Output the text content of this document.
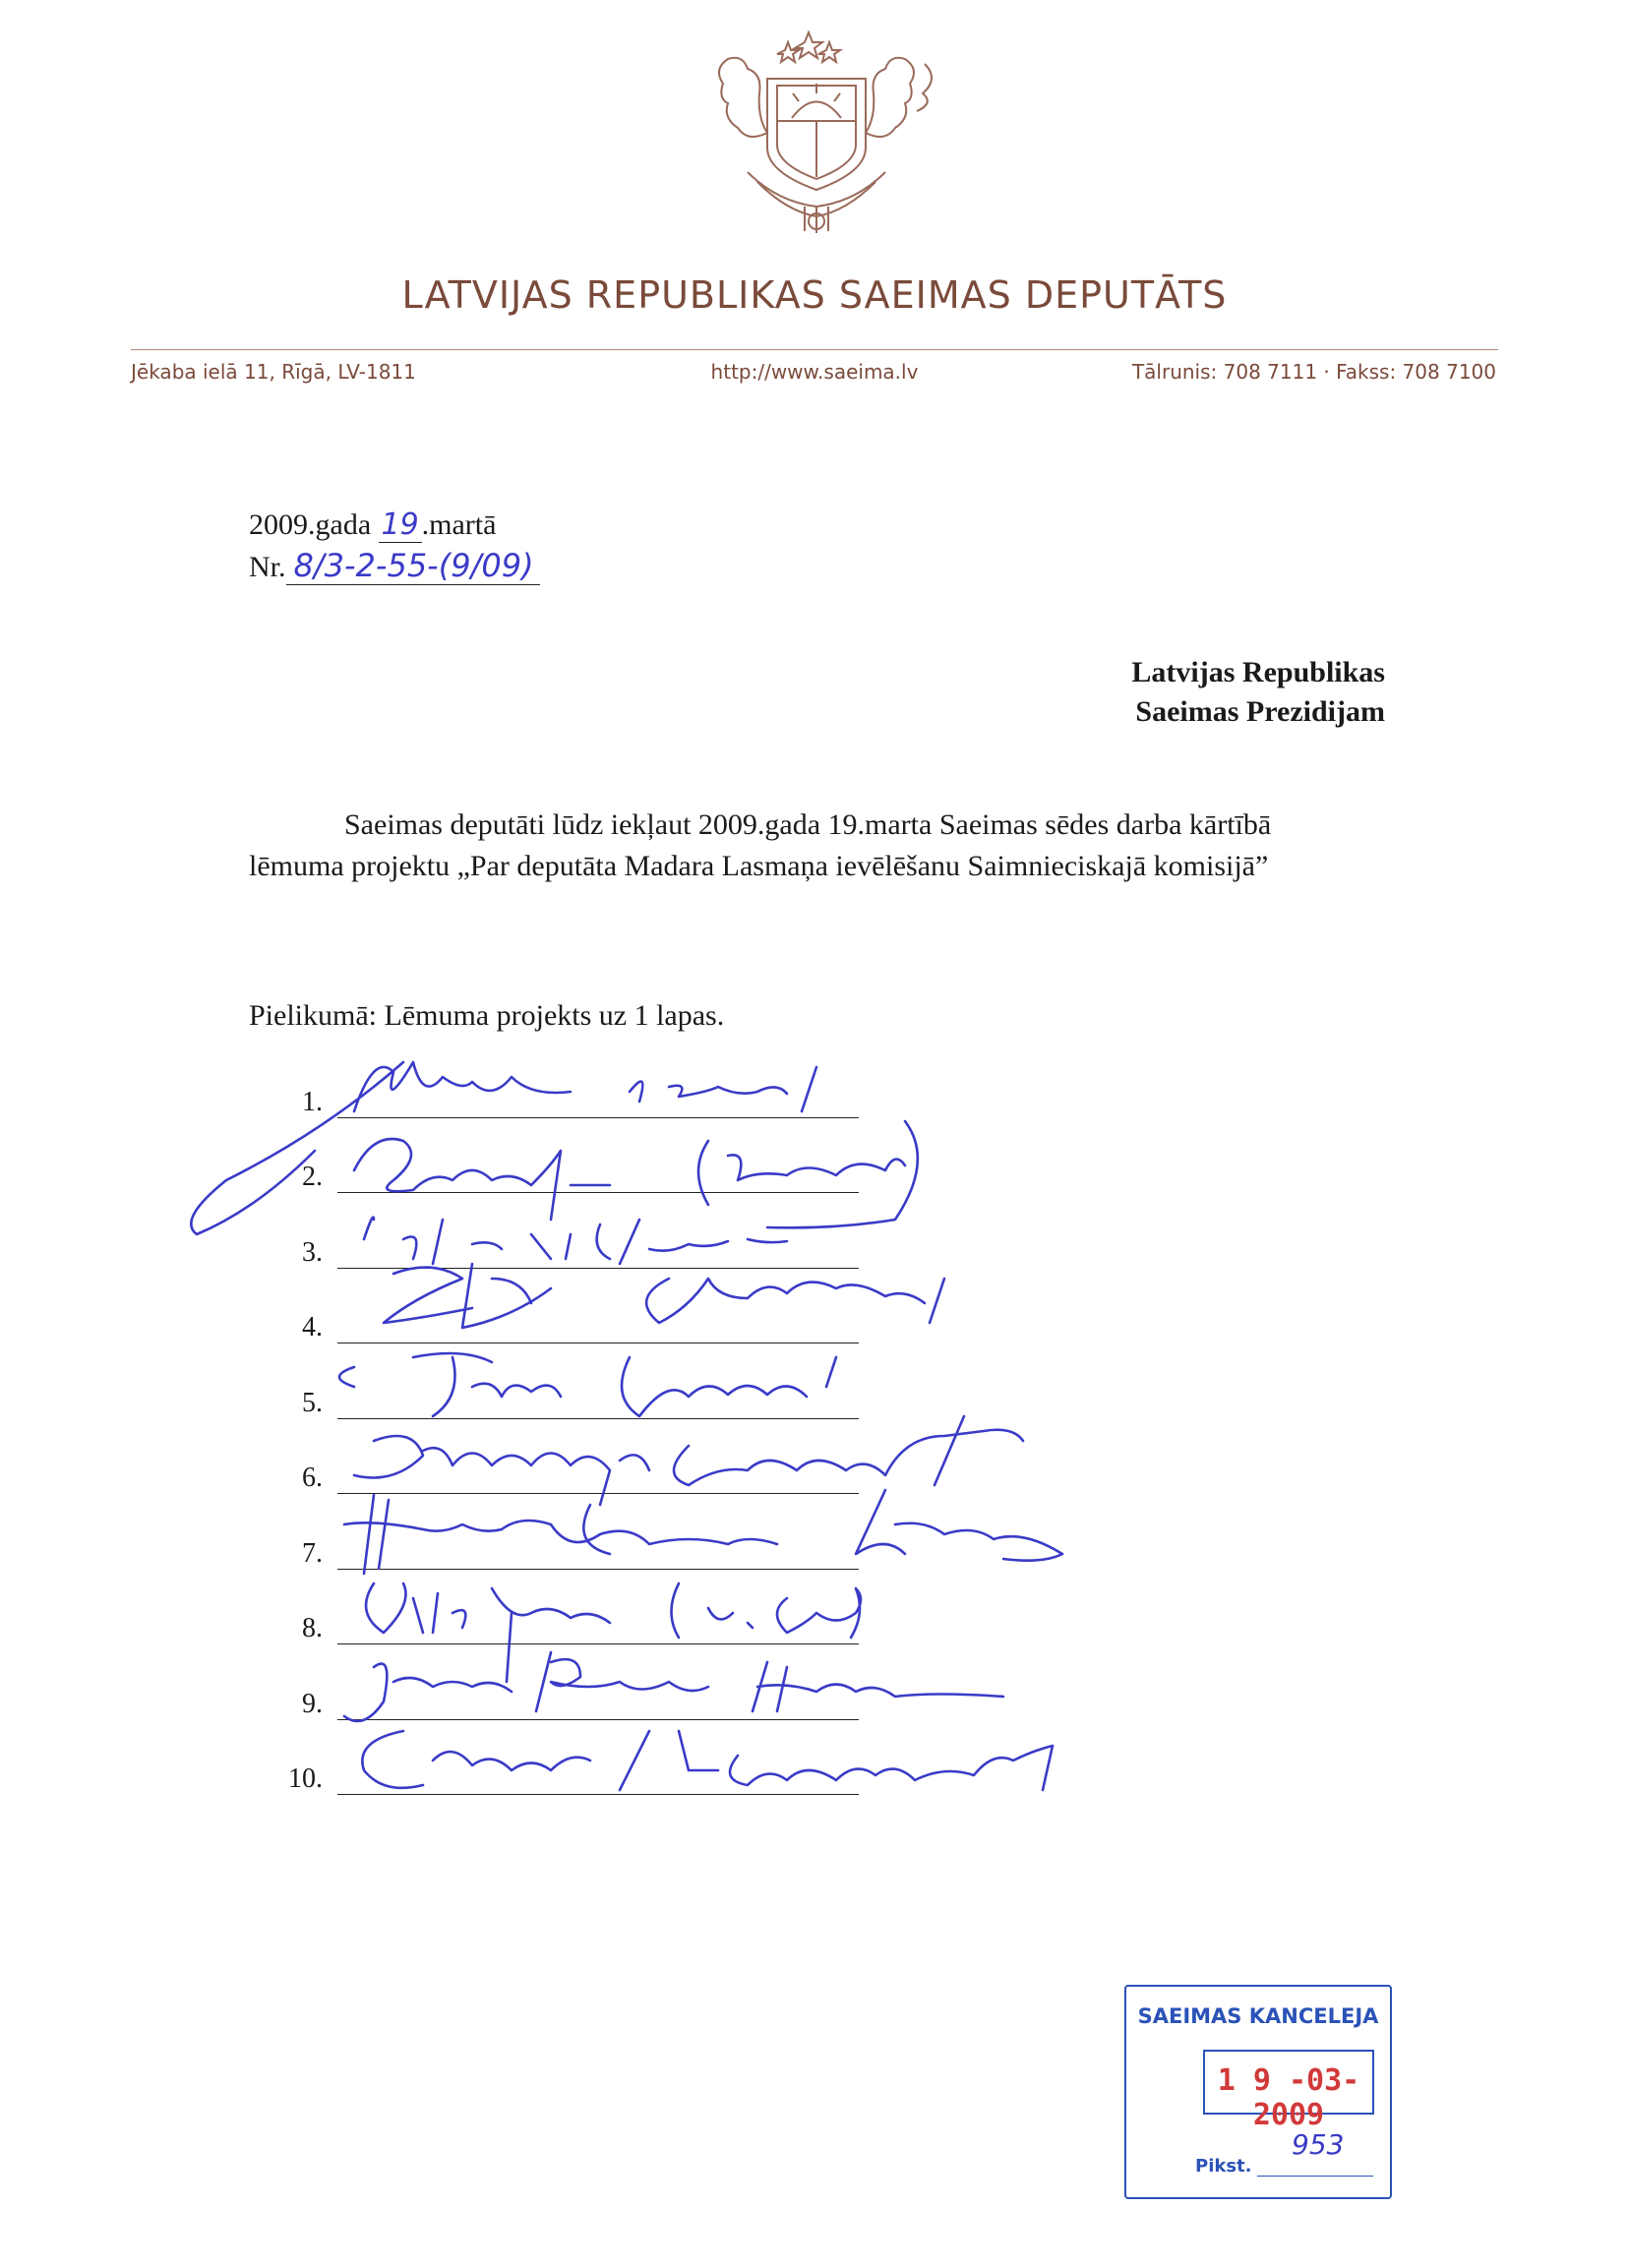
LATVIJAS REPUBLIKAS SAEIMAS DEPUTĀTS
Jēkaba ielā 11, Rīgā, LV-1811	http://www.saeima.lv	Tālrunis: 708 7111 · Fakss: 708 7100
2009.gada 19.martā
Nr. 8/3-2-55-(9/09)
Latvijas Republikas
Saeimas Prezidijam
Saeimas deputāti lūdz iekļaut 2009.gada 19.marta Saeimas sēdes darba kārtībā
lēmuma projektu „Par deputāta Madara Lasmaņa ievēlēšanu Saimnieciskajā komisijā”
Pielikumā: Lēmuma projekts uz 1 lapas.
1.
2.
3.
4.
5.
6.
7.
8.
9.
10.
SAEIMAS KANCELEJA
1 9 -03- 2009
Pikst.
953
